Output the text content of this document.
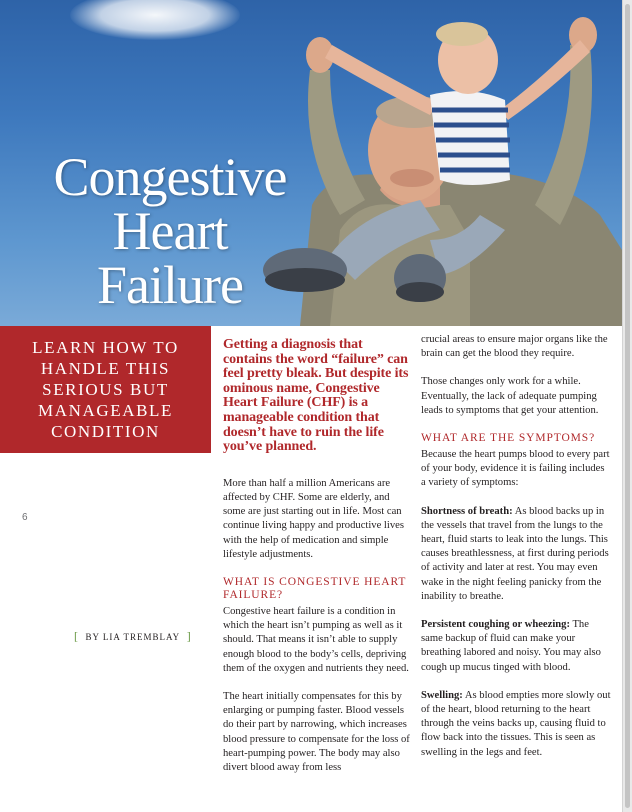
Congestive
Heart
Failure

LEARN HOW TO HANDLE THIS SERIOUS BUT MANAGEABLE CONDITION

6
[ BY LIA TREMBLAY ]
Getting a diagnosis that contains the word “failure” can feel pretty bleak. But despite its ominous name, Congestive Heart Failure (CHF) is a manageable condition that doesn’t have to ruin the life you’ve planned.

More than half a million Americans are affected by CHF. Some are elderly, and some are just starting out in life. Most can continue living happy and productive lives with the help of medication and simple lifestyle adjustments.

WHAT IS CONGESTIVE HEART FAILURE?

Congestive heart failure is a condition in which the heart isn’t pumping as well as it should. That means it isn’t able to supply enough blood to the body’s cells, depriving them of the oxygen and nutrients they need.

The heart initially compensates for this by enlarging or pumping faster. Blood vessels do their part by narrowing, which increases blood pressure to compensate for the loss of heart-pumping power. The body may also divert blood away from less

crucial areas to ensure major organs like the brain can get the blood they require.

Those changes only work for a while. Eventually, the lack of adequate pumping leads to symptoms that get your attention.

WHAT ARE THE SYMPTOMS?

Because the heart pumps blood to every part of your body, evidence it is failing includes a variety of symptoms:

Shortness of breath: As blood backs up in the vessels that travel from the lungs to the heart, fluid starts to leak into the lungs. This causes breathlessness, at first during periods of activity and later at rest. You may even wake in the night feeling panicky from the inability to breathe.

Persistent coughing or wheezing: The same backup of fluid can make your breathing labored and noisy. You may also cough up mucus tinged with blood.

Swelling: As blood empties more slowly out of the heart, blood returning to the heart through the veins backs up, causing fluid to flow back into the tissues. This is seen as swelling in the legs and feet.
